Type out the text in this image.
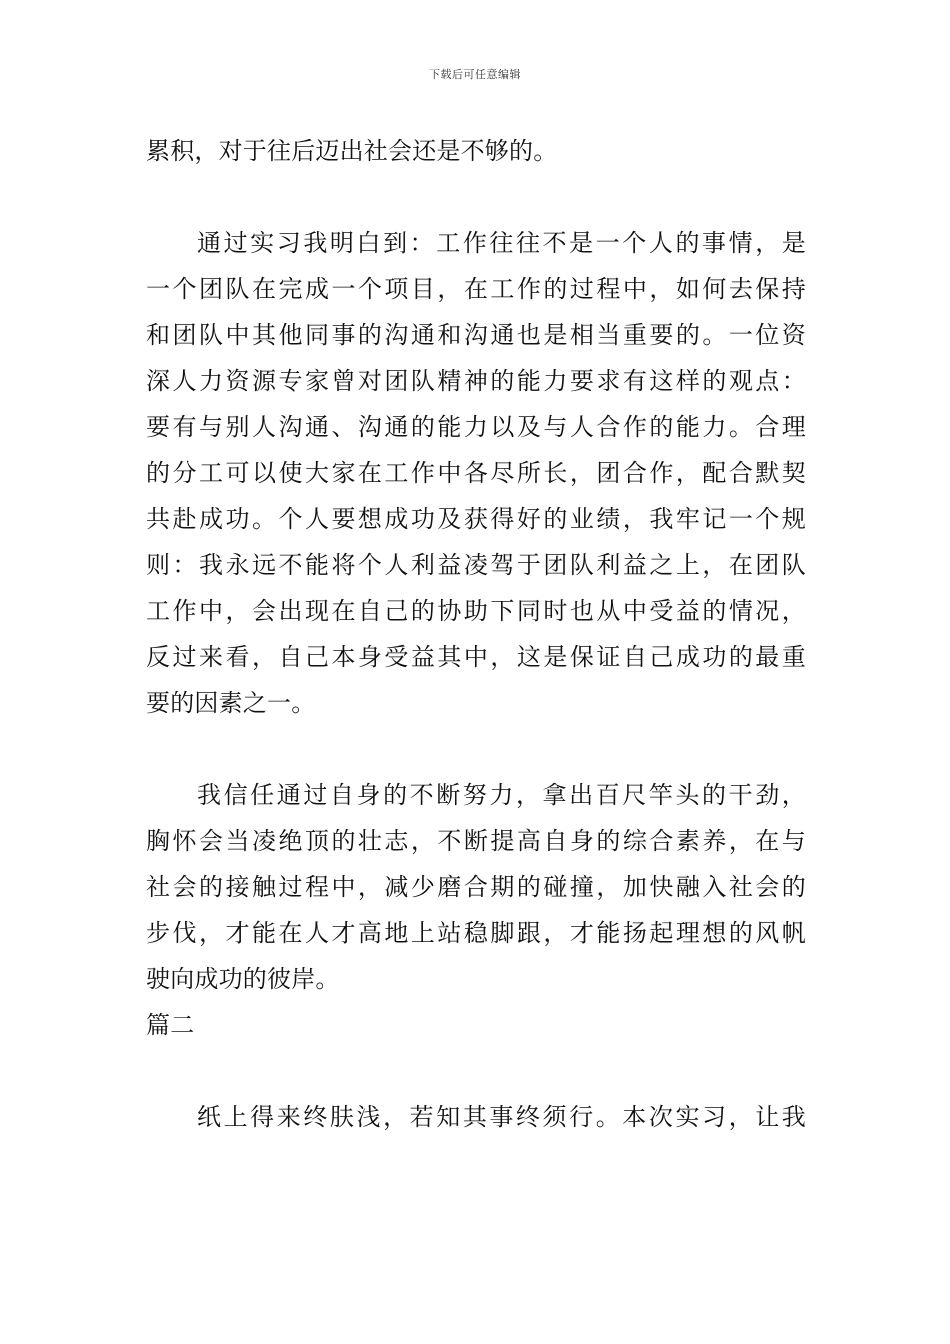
下载后可任意编辑
累积，对于往后迈出社会还是不够的。
通过实习我明白到：工作往往不是一个人的事情，是
一个团队在完成一个项目，在工作的过程中，如何去保持
和团队中其他同事的沟通和沟通也是相当重要的。一位资
深人力资源专家曾对团队精神的能力要求有这样的观点：
要有与别人沟通、沟通的能力以及与人合作的能力。合理
的分工可以使大家在工作中各尽所长，团合作，配合默契
共赴成功。个人要想成功及获得好的业绩，我牢记一个规
则：我永远不能将个人利益凌驾于团队利益之上，在团队
工作中，会出现在自己的协助下同时也从中受益的情况，
反过来看，自己本身受益其中，这是保证自己成功的最重
要的因素之一。
我信任通过自身的不断努力，拿出百尺竿头的干劲，
胸怀会当凌绝顶的壮志，不断提高自身的综合素养，在与
社会的接触过程中，减少磨合期的碰撞，加快融入社会的
步伐，才能在人才高地上站稳脚跟，才能扬起理想的风帆
驶向成功的彼岸。
篇二
纸上得来终肤浅，若知其事终须行。本次实习，让我
